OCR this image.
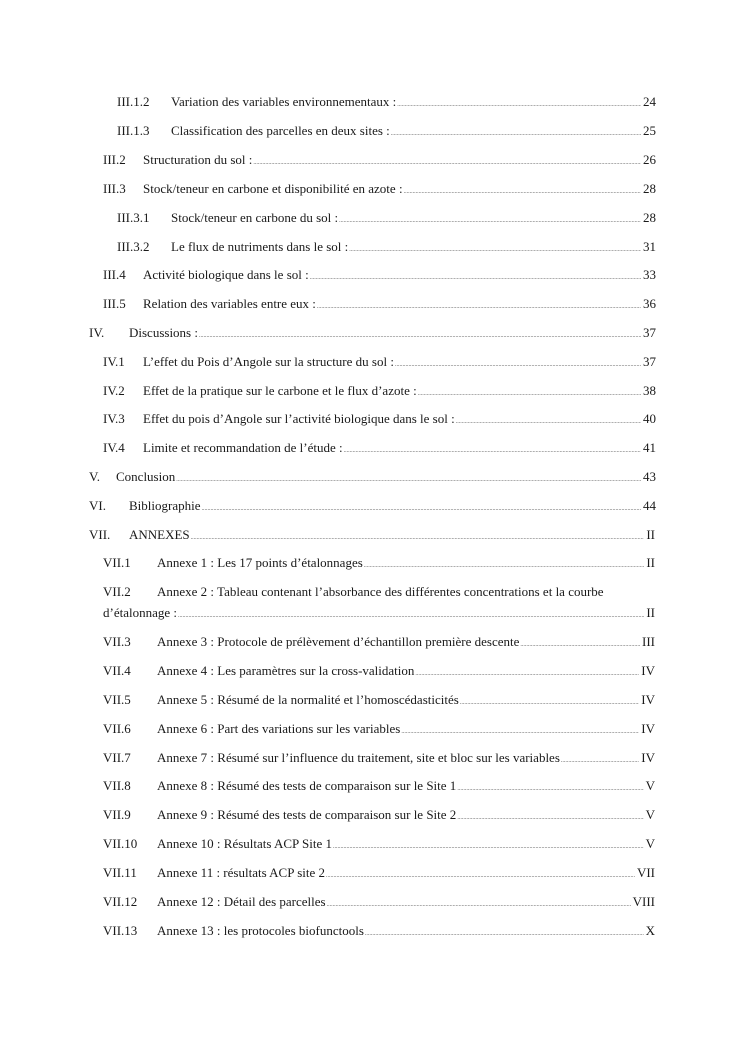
III.1.2	Variation des variables environnementaux : .....	24
III.1.3	Classification des parcelles en deux sites : .....	25
III.2	Structuration du sol : .....	26
III.3	Stock/teneur en carbone et disponibilité en azote : .....	28
III.3.1	Stock/teneur en carbone du sol : .....	28
III.3.2	Le flux de nutriments dans le sol : .....	31
III.4	Activité biologique dans le sol : .....	33
III.5	Relation des variables entre eux : .....	36
IV.	Discussions : .....	37
IV.1	L’effet du Pois d’Angole sur la structure du sol : .....	37
IV.2	Effet de la pratique sur le carbone et le flux d’azote : .....	38
IV.3	Effet du pois d’Angole sur l’activité biologique dans le sol : .....	40
IV.4	Limite et recommandation de l’étude : .....	41
V.	Conclusion .....	43
VI.	Bibliographie .....	44
VII.	ANNEXES .....	II
VII.1	Annexe 1 : Les 17 points d’étalonnages .....	II
VII.2 Annexe 2 : Tableau contenant l’absorbance des différentes concentrations et la courbe
d’étalonnage : .....	II
VII.3	Annexe 3 : Protocole de prélèvement d’échantillon première descente .....	III
VII.4	Annexe 4 : Les paramètres sur la cross-validation .....	IV
VII.5	Annexe 5 : Résumé de la normalité et l’homoscédasticités .....	IV
VII.6	Annexe 6 : Part des variations sur les variables .....	IV
VII.7	Annexe 7 : Résumé sur l’influence du traitement, site et bloc sur les variables .....	IV
VII.8	Annexe 8 : Résumé des tests de comparaison sur le Site 1 .....	V
VII.9	Annexe 9 : Résumé des tests de comparaison sur le Site 2 .....	V
VII.10	Annexe 10 : Résultats ACP Site 1 .....	V
VII.11	Annexe 11 : résultats ACP site 2 .....	VII
VII.12	Annexe 12 : Détail des parcelles .....	VIII
VII.13	Annexe 13 : les protocoles biofunctools .....	X
